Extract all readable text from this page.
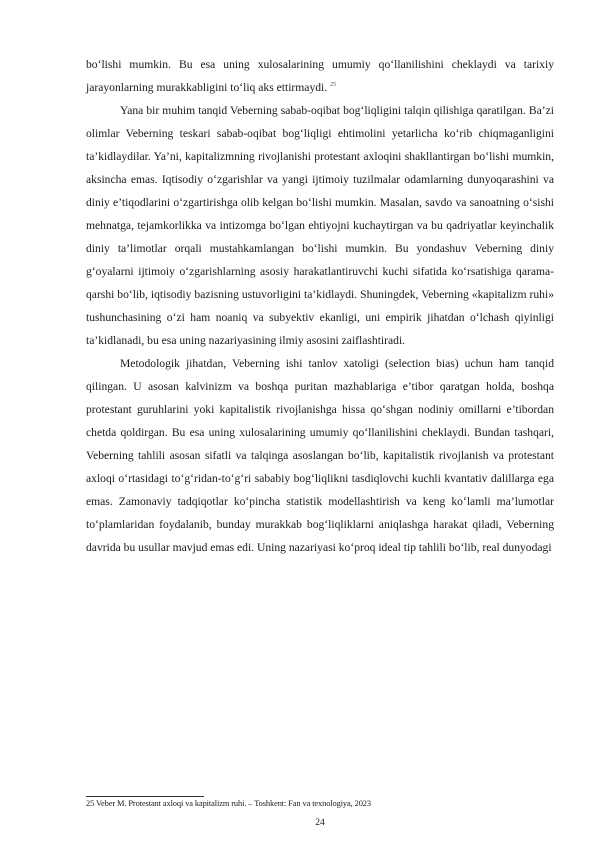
bo‘lishi mumkin. Bu esa uning xulosalarining umumiy qo‘llanilishini cheklaydi va tarixiy jarayonlarning murakkabligini to‘liq aks ettirmaydi. $^{25}$

Yana bir muhim tanqid Veberning sabab-oqibat bog‘liqligini talqin qilishiga qaratilgan. Ba’zi olimlar Veberning teskari sabab-oqibat bog‘liqligi ehtimolini yetarlicha ko‘rib chiqmaganligini ta’kidlaydilar. Ya’ni, kapitalizmning rivojlanishi protestant axloqini shakllantirgan bo‘lishi mumkin, aksincha emas. Iqtisodiy o‘zgarishlar va yangi ijtimoiy tuzilmalar odamlarning dunyoqarashini va diniy e’tiqodlarini o‘zgartirishga olib kelgan bo‘lishi mumkin. Masalan, savdo va sanoatning o‘sishi mehnatga, tejamkorlikka va intizomga bo‘lgan ehtiyojni kuchaytirgan va bu qadriyatlar keyinchalik diniy ta’limotlar orqali mustahkamlangan bo‘lishi mumkin. Bu yondashuv Veberning diniy g‘oyalarni ijtimoiy o‘zgarishlarning asosiy harakatlantiruvchi kuchi sifatida ko‘rsatishiga qarama-qarshi bo‘lib, iqtisodiy bazisning ustuvorligini ta’kidlaydi. Shuningdek, Veberning «kapitalizm ruhi» tushunchasining o‘zi ham noaniq va subyektiv ekanligi, uni empirik jihatdan o‘lchash qiyinligi ta’kidlanadi, bu esa uning nazariyasining ilmiy asosini zaiflashtiradi.

Metodologik jihatdan, Veberning ishi tanlov xatoligi (selection bias) uchun ham tanqid qilingan. U asosan kalvinizm va boshqa puritan mazhablariga e’tibor qaratgan holda, boshqa protestant guruhlarini yoki kapitalistik rivojlanishga hissa qo‘shgan nodiniy omillarni e’tibordan chetda qoldirgan. Bu esa uning xulosalarining umumiy qo‘llanilishini cheklaydi. Bundan tashqari, Veberning tahlili asosan sifatli va talqinga asoslangan bo‘lib, kapitalistik rivojlanish va protestant axloqi o‘rtasidagi to‘g‘ridan-to‘g‘ri sababiy bog‘liqlikni tasdiqlovchi kuchli kvantativ dalillarga ega emas. Zamonaviy tadqiqotlar ko‘pincha statistik modellashtirish va keng ko‘lamli ma’lumotlar to‘plamlaridan foydalanib, bunday murakkab bog‘liqliklarni aniqlashga harakat qiladi, Veberning davrida bu usullar mavjud emas edi. Uning nazariyasi ko‘proq ideal tip tahlili bo‘lib, real dunyodagi

25 Veber M. Protestant axloqi va kapitalizm ruhi. – Toshkent: Fan va texnologiya, 2023
24
